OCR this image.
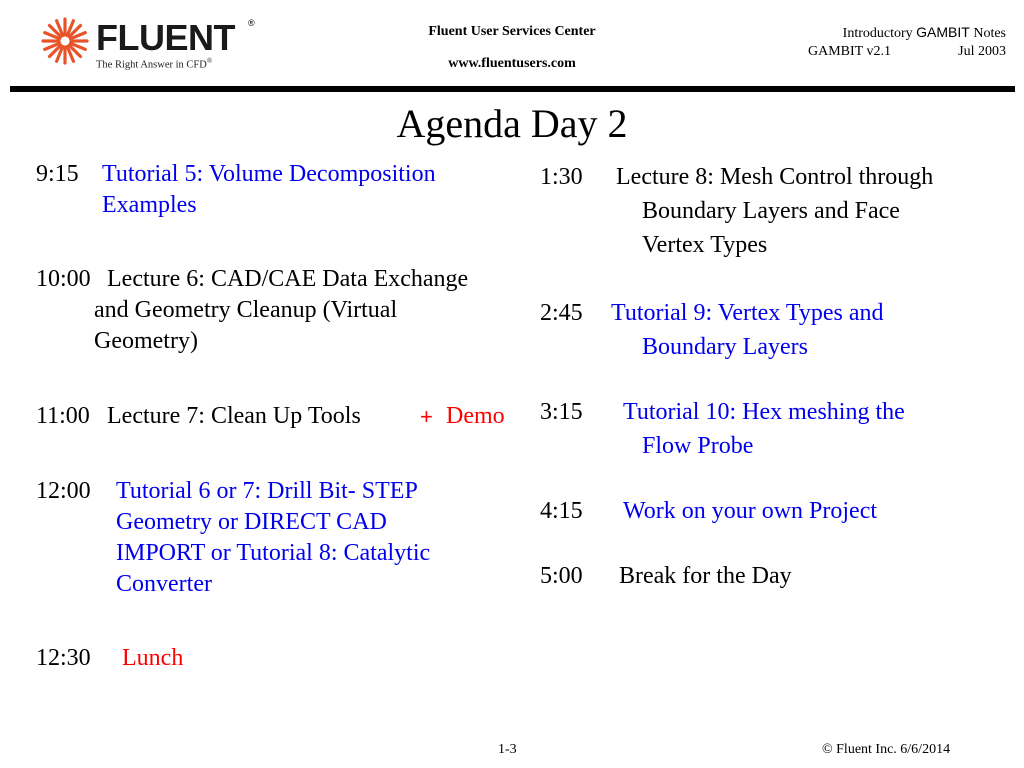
FLUENT ®
The Right Answer in CFD®
Fluent User Services Center
www.fluentusers.com
Introductory GAMBIT Notes
GAMBIT v2.1	Jul 2003
Agenda Day 2
9:15 Tutorial 5: Volume Decomposition
Examples
10:00 Lecture 6: CAD/CAE Data Exchange
and Geometry Cleanup (Virtual
Geometry)
11:00 Lecture 7: Clean Up Tools	+ Demo
12:00 Tutorial 6 or 7: Drill Bit- STEP
Geometry or DIRECT CAD
IMPORT or Tutorial 8: Catalytic
Converter
12:30 Lunch
1:30 Lecture 8: Mesh Control through
Boundary Layers and Face
Vertex Types
2:45 Tutorial 9: Vertex Types and
Boundary Layers
3:15 Tutorial 10: Hex meshing the
Flow Probe
4:15 Work on your own Project
5:00 Break for the Day
1-3	© Fluent Inc. 6/6/2014
